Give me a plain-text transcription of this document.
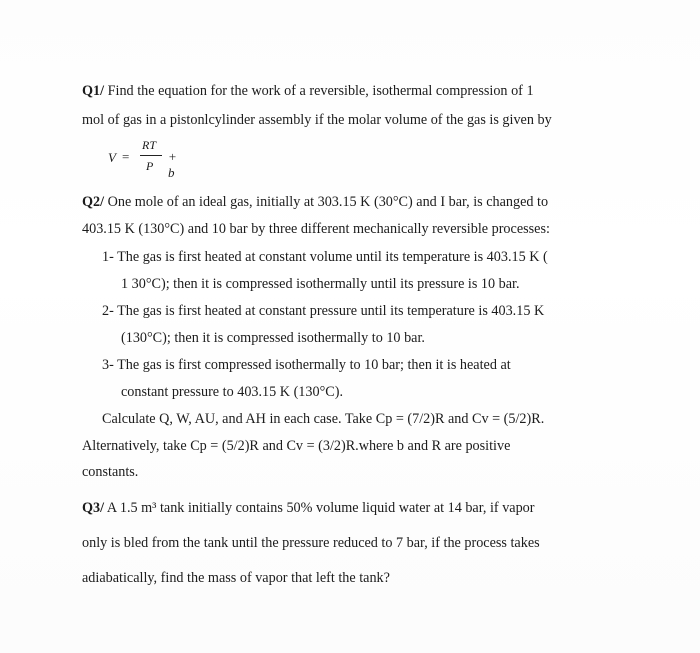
Q1/ Find the equation for the work of a reversible, isothermal compression of 1
mol of gas in a pistonlcylinder assembly if the molar volume of the gas is given by
V =
RT
P
+ b
Q2/ One mole of an ideal gas, initially at 303.15 K (30°C) and I bar, is changed to
403.15 K (130°C) and 10 bar by three different mechanically reversible processes:
1- The gas is first heated at constant volume until its temperature is 403.15 K (
1 30°C); then it is compressed isothermally until its pressure is 10 bar.
2- The gas is first heated at constant pressure until its temperature is 403.15 K
(130°C); then it is compressed isothermally to 10 bar.
3- The gas is first compressed isothermally to 10 bar; then it is heated at
constant pressure to 403.15 K (130°C).
Calculate Q, W, AU, and AH in each case. Take Cp = (7/2)R and Cv = (5/2)R.
Alternatively, take Cp = (5/2)R and Cv = (3/2)R.where b and R are positive
constants.
Q3/ A 1.5 m³ tank initially contains 50% volume liquid water at 14 bar, if vapor
only is bled from the tank until the pressure reduced to 7 bar, if the process takes
adiabatically, find the mass of vapor that left the tank?
